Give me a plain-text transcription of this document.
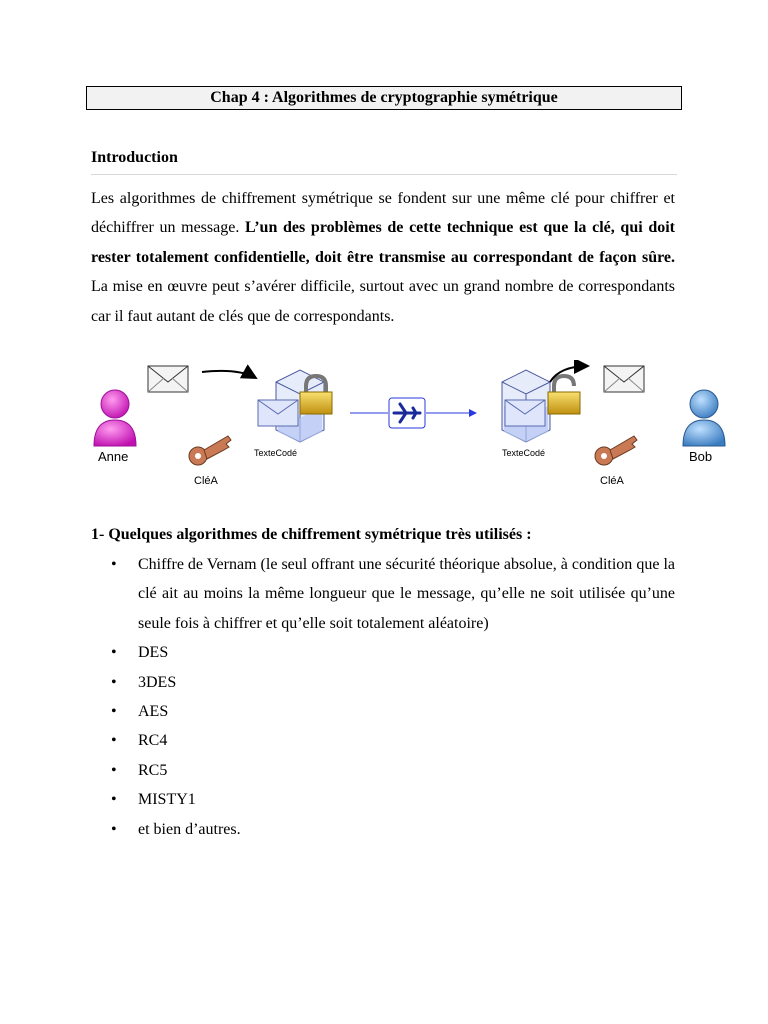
Chap 4 : Algorithmes de cryptographie symétrique
Introduction

Les algorithmes de chiffrement symétrique se fondent sur une même clé pour chiffrer et déchiffrer un message. L’un des problèmes de cette technique est que la clé, qui doit rester totalement confidentielle, doit être transmise au correspondant de façon sûre. La mise en œuvre peut s’avérer difficile, surtout avec un grand nombre de correspondants car il faut autant de clés que de correspondants.

Anne	TexteCodé
CléA
TexteCodé
CléA
Bob
1- Quelques algorithmes de chiffrement symétrique très utilisés :
• Chiffre de Vernam (le seul offrant une sécurité théorique absolue, à condition que la clé ait au moins la même longueur que le message, qu’elle ne soit utilisée qu’une seule fois à chiffrer et qu’elle soit totalement aléatoire)
• DES
• 3DES
• AES
• RC4
• RC5
• MISTY1
• et bien d’autres.
